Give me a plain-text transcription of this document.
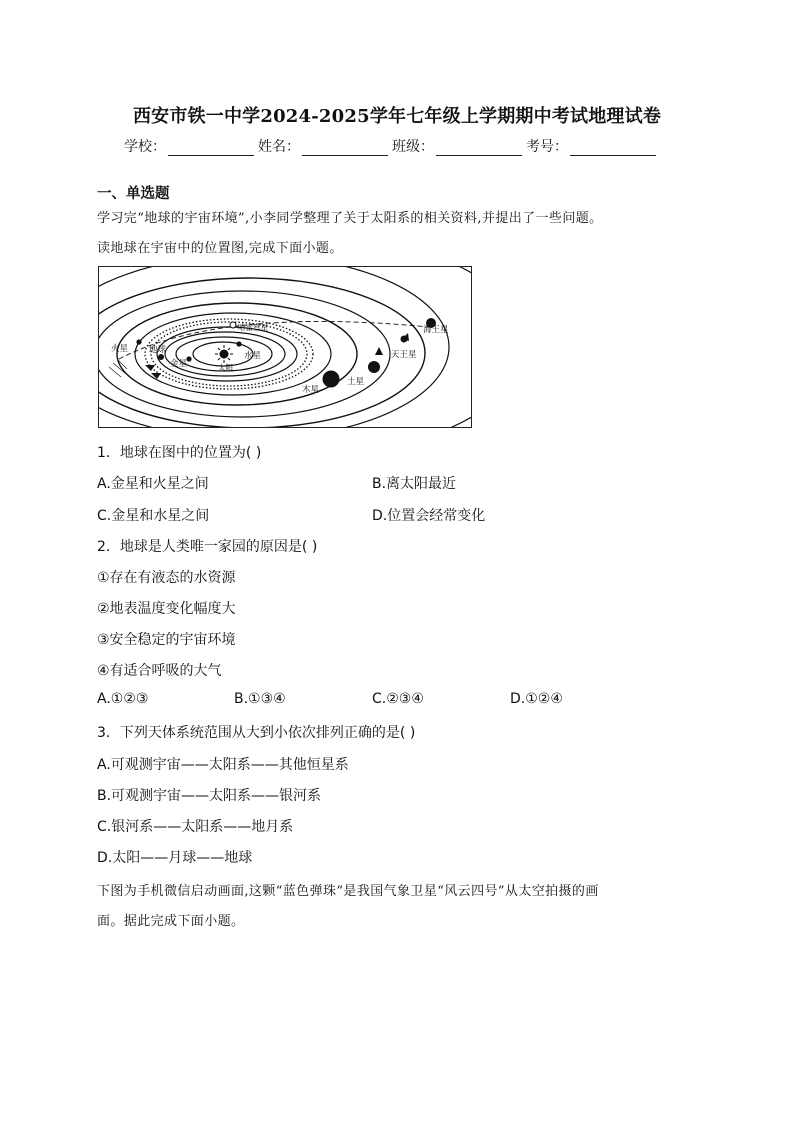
西安市铁一中学2024-2025学年七年级上学期期中考试地理试卷
学校：	姓名：	班级：	考号：
一、单选题
学习完“地球的宇宙环境”,小李同学整理了关于太阳系的相关资料,并提出了一些问题。
读地球在宇宙中的位置图,完成下面小题。
太阳
水星
金星
地球
火星
木星
土星
天王星
海王星
哈雷彗星
1．地球在图中的位置为( )
A.金星和火星之间	B.离太阳最近
C.金星和水星之间	D.位置会经常变化
2．地球是人类唯一家园的原因是( )
①存在有液态的水资源
②地表温度变化幅度大
③安全稳定的宇宙环境
④有适合呼吸的大气
A.①②③	B.①③④	C.②③④	D.①②④
3．下列天体系统范围从大到小依次排列正确的是( )
A.可观测宇宙——太阳系——其他恒星系
B.可观测宇宙——太阳系——银河系
C.银河系——太阳系——地月系
D.太阳——月球——地球
下图为手机微信启动画面,这颗“蓝色弹珠”是我国气象卫星“风云四号”从太空拍摄的画
面。据此完成下面小题。
